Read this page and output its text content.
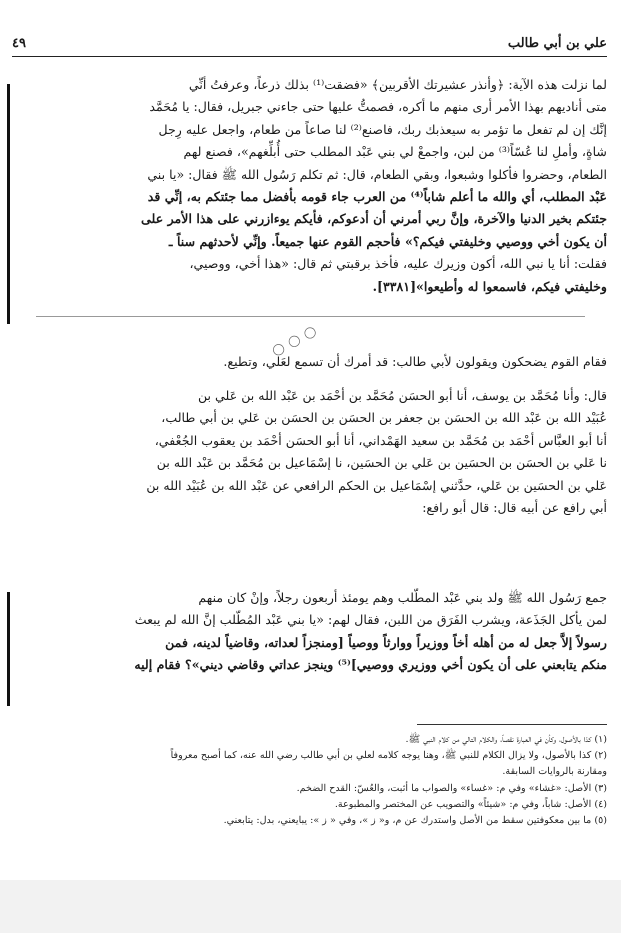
علي بن أبي طالب
٤٩

لما نزلت هذه الآية: ﴿وأنذر عشيرتك الأقربين﴾ «فضقت⁽¹⁾ بذلك ذرعاً، وعرفتُ أنِّي
متى أناديهم بهذا الأمر أرى منهم ما أكره، فصمتُّ عليها حتى جاءني جبريل، فقال: يا مُحَمَّد
إنَّك إن لم تفعل ما تؤمر به سيعذبك ربك، فاصنع⁽²⁾ لنا صاعاً من طعام، واجعل عليه رِجل
شاةٍ، وأملِ لنا عُسّاً⁽³⁾ من لبن، واجمعْ لي بني عَبْد المطلب حتى أُبلِّغهم»، فصنع لهم
الطعام، وحضروا فأكلوا وشبعوا، وبقي الطعام، قال: ثم تكلم رَسُول الله ﷺ فقال: «يا بني
عَبْد المطلب، أي والله ما أعلم شاباً⁽⁴⁾ من العرب جاء قومه بأفضل مما جئتكم به، إنِّي قد
جئتكم بخير الدنيا والآخرة، وإنَّ ربي أمرني أن أدعوكم، فأيكم يوءازرني على هذا الأمر على
أن يكون أخي ووصيي وخليفتي فيكم؟» فأحجم القوم عنها جميعاً. وإنِّي لأحدثهم سناً ـ
فقلت: أنا يا نبي الله، أكون وزيرك عليه، فأخذ برقبتي ثم قال: «هذا أخي، ووصيي،
وخليفتي فيكم، فاسمعوا له وأطيعوا»[٣٣٨١].

فقام القوم يضحكون ويقولون لأبي طالب: قد أمرك أن تسمع لعَلي، وتطيع.

قال: وأنا مُحَمَّد بن يوسف، أنا أبو الحسَن مُحَمَّد بن أحْمَد بن عَبْد الله بن عَلي بن
عُبَيْد الله بن عَبْد الله بن الحسَن بن جعفر بن الحسَن بن الحسَن بن عَلي بن أبي طالب،
أنا أبو العبَّاس أحْمَد بن مُحَمَّد بن سعيد الهَمْداني، أنا أبو الحسَن أحْمَد بن يعقوب الجُعْفي،
نا عَلي بن الحسَن بن الحسَين بن عَلي بن الحسَين، نا إسْمَاعيل بن مُحَمَّد بن عَبْد الله بن
عَلي بن الحسَين بن عَلي، حدَّثني إسْمَاعيل بن الحكم الرافعي عن عَبْد الله بن عُبَيْد الله بن
أبي رافع عن أبيه قال: قال أبو رافع:

جمع رَسُول الله ﷺ ولد بني عَبْد المطّلب وهم يومئذ أربعون رجلاً، وإنْ كان منهم
لمن يأكل الجَذَعة، ويشرب الفَرَق من اللبن، فقال لهم: «يا بني عَبْد المُطّلب إنَّ الله لم يبعث
رسولاً إلاَّ جعل له من أهله أخاً ووزيراً ووارثاً ووصياً [ومنجزاً لعداته، وقاضياً لدينه، فمن
منكم يتابعني على أن يكون أخي ووزيري ووصيي]⁽⁵⁾ وينجز عداتي وقاضي ديني»؟ فقام إليه

◯ ◯ ◯

(١) كذا بالأصول، وكأن في العبارة نقصاً، والكلام التالي من كلام النبي ﷺ.

(٢) كذا بالأصول، ولا يزال الكلام للنبي ﷺ، وهنا يوجه كلامه لعلي بن أبي طالب رضي الله عنه، كما أصبح معروفاً

ومقارنة بالروايات السابقة.

(٣) الأصل: «غشاء» وفي م: «غساء» والصواب ما أثبت، والعُسّ: القدح الضخم.

(٤) الأصل: شاباً، وفي م: «شيئاً» والتصويب عن المختصر والمطبوعة.

(٥) ما بين معكوفتين سقط من الأصل واستدرك عن م، و« ز »، وفي « ز »: يبايعني، بدل: يتابعني.
